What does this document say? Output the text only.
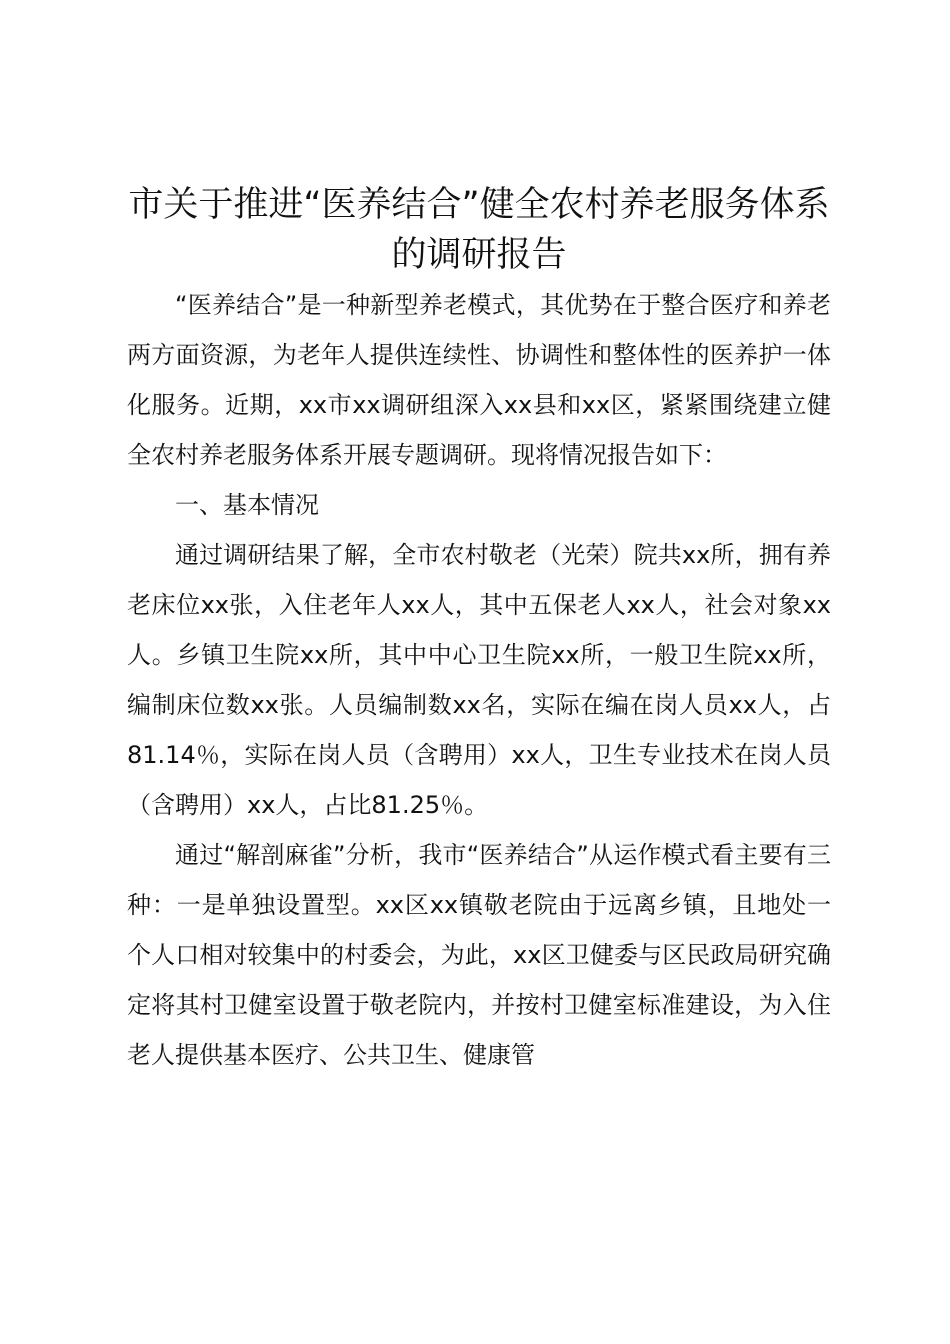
市关于推进“医养结合”健全农村养老服务体系的调研报告

“医养结合”是一种新型养老模式，其优势在于整合医疗和养老两方面资源，为老年人提供连续性、协调性和整体性的医养护一体化服务。近期，xx市xx调研组深入xx县和xx区，紧紧围绕建立健全农村养老服务体系开展专题调研。现将情况报告如下：

一、基本情况

通过调研结果了解，全市农村敬老（光荣）院共xx所，拥有养老床位xx张，入住老年人xx人，其中五保老人xx人，社会对象xx人。乡镇卫生院xx所，其中中心卫生院xx所，一般卫生院xx所，编制床位数xx张。人员编制数xx名，实际在编在岗人员xx人，占81.14％，实际在岗人员（含聘用）xx人，卫生专业技术在岗人员（含聘用）xx人，占比81.25％。

通过“解剖麻雀”分析，我市“医养结合”从运作模式看主要有三种：一是单独设置型。xx区xx镇敬老院由于远离乡镇，且地处一个人口相对较集中的村委会，为此，xx区卫健委与区民政局研究确定将其村卫健室设置于敬老院内，并按村卫健室标准建设，为入住老人提供基本医疗、公共卫生、健康管
